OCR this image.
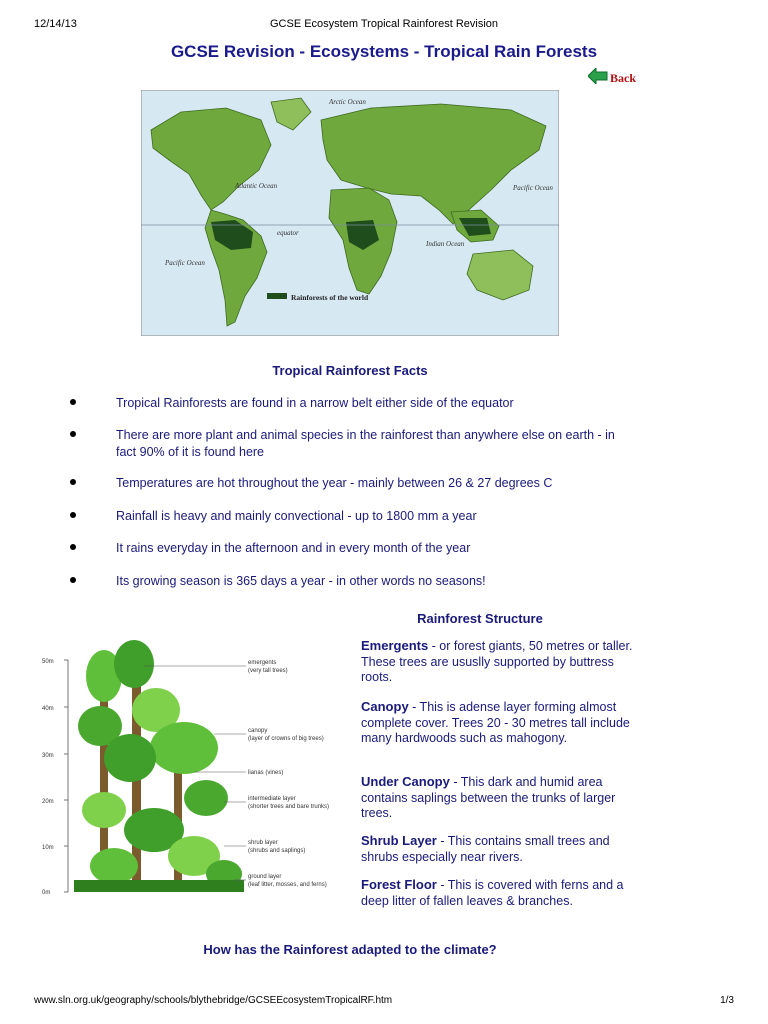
12/14/13	GCSE Ecosystem Tropical Rainforest Revision
GCSE Revision - Ecosystems - Tropical Rain Forests
Back
Arctic Ocean
Atlantic Ocean	Pacific Ocean
Pacific Ocean
Indian Ocean
equator
Rainforests of the world
Tropical Rainforest Facts
Tropical Rainforests are found in a narrow belt either side of the equator
There are more plant and animal species in the rainforest than anywhere else on earth - in fact 90% of it is found here
Temperatures are hot throughout the year - mainly between 26 & 27 degrees C
Rainfall is heavy and mainly convectional - up to 1800 mm a year
It rains everyday in the afternoon and in every month of the year
Its growing season is 365 days a year - in other words no seasons!
Rainforest Structure
50m
40m
30m
20m
10m
0m
emergents
(very tall trees)
canopy
(layer of crowns of big trees)
lianas (vines)
intermediate layer
(shorter trees and bare trunks)
shrub layer
(shrubs and saplings)
ground layer
(leaf litter, mosses, and ferns)
Emergents - or forest giants, 50 metres or taller. These trees are ususlly supported by buttress roots.
Canopy - This is adense layer forming almost complete cover. Trees 20 - 30 metres tall include many hardwoods such as mahogony.
Under Canopy - This dark and humid area contains saplings between the trunks of larger trees.
Shrub Layer - This contains small trees and shrubs especially near rivers.
Forest Floor - This is covered with ferns and a deep litter of fallen leaves & branches.
How has the Rainforest adapted to the climate?
www.sln.org.uk/geography/schools/blythebridge/GCSEEcosystemTropicalRF.htm	1/3
